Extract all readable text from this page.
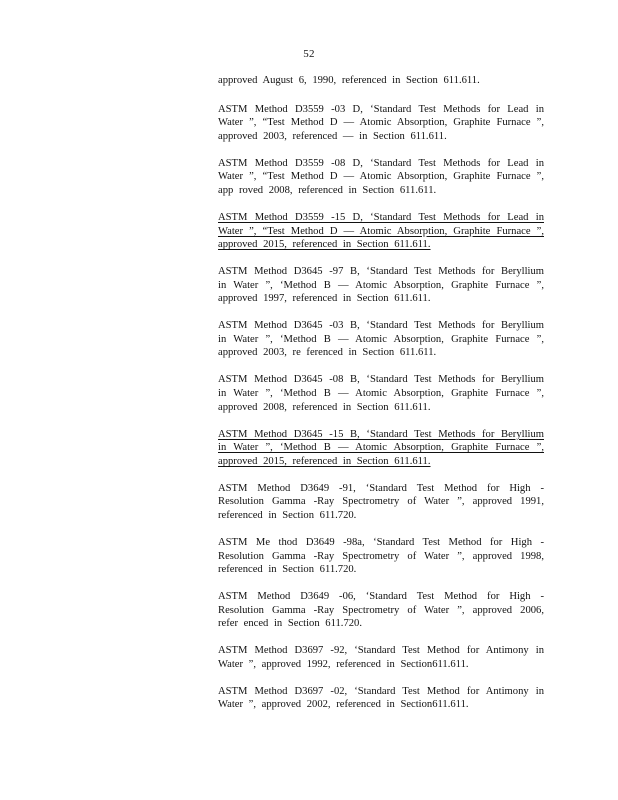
52

approved August 6, 1990, referenced in Section 611.611.

ASTM Method D3559 -03 D, ‘Standard Test Methods for Lead in Water ”, “Test Method D — Atomic Absorption, Graphite Furnace ”, approved 2003, referenced — in Section 611.611.

ASTM Method D3559 -08 D, ‘Standard Test Methods for Lead in Water ”, “Test Method D — Atomic Absorption, Graphite Furnace ”, app roved 2008, referenced in Section 611.611.

ASTM Method D3559 -15 D, ‘Standard Test Methods for Lead in Water ”, “Test Method D — Atomic Absorption, Graphite Furnace ”, approved 2015, referenced in Section 611.611.

ASTM Method D3645 -97 B, ‘Standard Test Methods for Beryllium in Water ”, ‘Method B — Atomic Absorption, Graphite Furnace ”, approved 1997, referenced in Section 611.611.

ASTM Method D3645 -03 B, ‘Standard Test Methods for Beryllium in Water ”, ‘Method B — Atomic Absorption, Graphite Furnace ”, approved 2003, re ferenced in Section 611.611.

ASTM Method D3645 -08 B, ‘Standard Test Methods for Beryllium in Water ”, ‘Method B — Atomic Absorption, Graphite Furnace ”, approved 2008, referenced in Section 611.611.

ASTM Method D3645 -15 B, ‘Standard Test Methods for Beryllium in Water ”, ‘Method B — Atomic Absorption, Graphite Furnace ”, approved 2015, referenced in Section 611.611.

ASTM Method D3649 -91, ‘Standard Test Method for High - Resolution Gamma -Ray Spectrometry of Water ”, approved 1991, referenced in Section 611.720.

ASTM Me thod D3649 -98a, ‘Standard Test Method for High - Resolution Gamma -Ray Spectrometry of Water ”, approved 1998, referenced in Section 611.720.

ASTM Method D3649 -06, ‘Standard Test Method for High - Resolution Gamma -Ray Spectrometry of Water ”, approved 2006, refer enced in Section 611.720.

ASTM Method D3697 -92, ‘Standard Test Method for Antimony in Water ”, approved 1992, referenced in Section611.611.

ASTM Method D3697 -02, ‘Standard Test Method for Antimony in Water ”, approved 2002, referenced in Section611.611.
